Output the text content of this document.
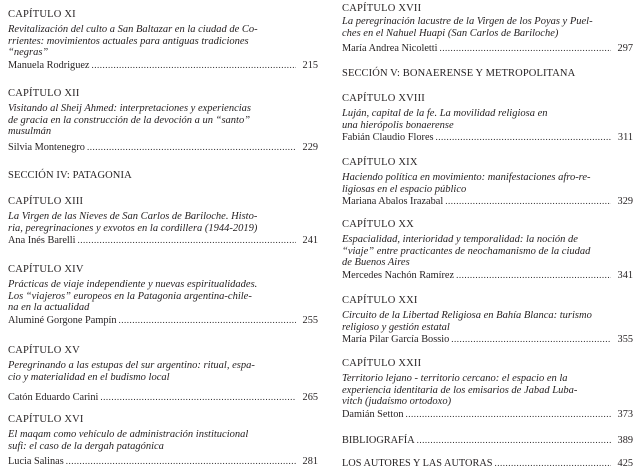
CAPÍTULO XI
Revitalización del culto a San Baltazar en la ciudad de Co-
rrientes: movimientos actuales para antiguas tradiciones
“negras”
Manuela Rodriguez .....	215
CAPÍTULO XII
Visitando al Sheij Ahmed: interpretaciones y experiencias
de gracia en la construcción de la devoción a un “santo”
musulmán
Silvia Montenegro .....	229
SECCIÓN IV: PATAGONIA
CAPÍTULO XIII
La Virgen de las Nieves de San Carlos de Bariloche. Histo-
ria, peregrinaciones y exvotos en la cordillera (1944-2019)
Ana Inés Barelli .....	241
CAPÍTULO XIV
Prácticas de viaje independiente y nuevas espiritualidades.
Los “viajeros” europeos en la Patagonia argentina-chile-
na en la actualidad
Aluminé Gorgone Pampín .....	255
CAPÍTULO XV
Peregrinando a las estupas del sur argentino: ritual, espa-
cio y materialidad en el budismo local
Catón Eduardo Carini .....	265
CAPÍTULO XVI
El maqam como vehículo de administración institucional
sufi: el caso de la dergah patagónica
Lucia Salinas .....	281
CAPÍTULO XVII
La peregrinación lacustre de la Virgen de los Poyas y Puel-
ches en el Nahuel Huapi (San Carlos de Bariloche)
María Andrea Nicoletti .....	297
SECCIÓN V: BONAERENSE Y METROPOLITANA
CAPÍTULO XVIII
Luján, capital de la fe. La movilidad religiosa en
una hierópolis bonaerense
Fabián Claudio Flores .....	311
CAPÍTULO XIX
Haciendo política en movimiento: manifestaciones afro-re-
ligiosas en el espacio público
Mariana Abalos Irazabal .....	329
CAPÍTULO XX
Espacialidad, interioridad y temporalidad: la noción de
“viaje” entre practicantes de neochamanismo de la ciudad
de Buenos Aires
Mercedes Nachón Ramírez .....	341
CAPÍTULO XXI
Circuito de la Libertad Religiosa en Bahía Blanca: turismo
religioso y gestión estatal
María Pilar García Bossio .....	355
CAPÍTULO XXII
Territorio lejano - territorio cercano: el espacio en la
experiencia identitaria de los emisarios de Jabad Luba-
vitch (judaísmo ortodoxo)
Damián Setton .....	373
BIBLIOGRAFÍA .....	389
LOS AUTORES Y LAS AUTORAS .....	425
